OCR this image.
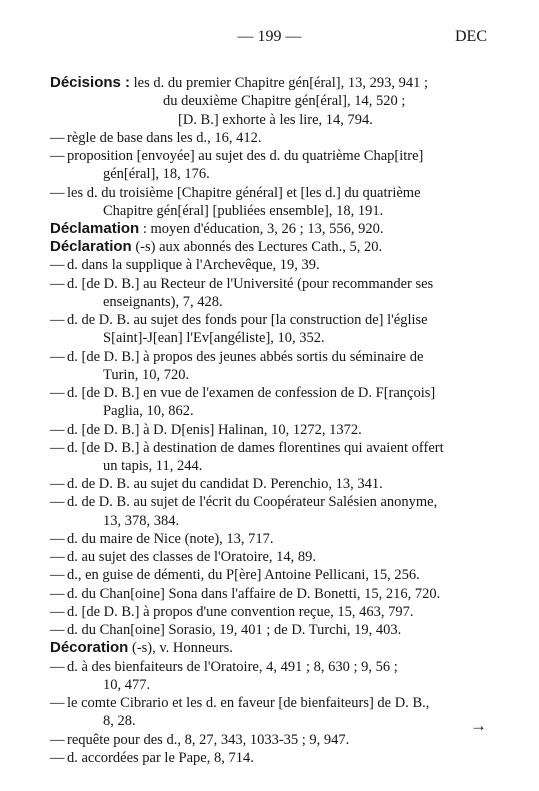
— 199 —	DEC
Décisions : les d. du premier Chapitre gén[éral], 13, 293, 941 ;
du deuxième Chapitre gén[éral], 14, 520 ;
[D. B.] exhorte à les lire, 14, 794.
— règle de base dans les d., 16, 412.
— proposition [envoyée] au sujet des d. du quatrième Chap[itre]
gén[éral], 18, 176.
— les d. du troisième [Chapitre général] et [les d.] du quatrième
Chapitre gén[éral] [publiées ensemble], 18, 191.
Déclamation : moyen d'éducation, 3, 26 ; 13, 556, 920.
Déclaration (-s) aux abonnés des Lectures Cath., 5, 20.
— d. dans la supplique à l'Archevêque, 19, 39.
— d. [de D. B.] au Recteur de l'Université (pour recommander ses
enseignants), 7, 428.
— d. de D. B. au sujet des fonds pour [la construction de] l'église
S[aint]-J[ean] l'Ev[angéliste], 10, 352.
— d. [de D. B.] à propos des jeunes abbés sortis du séminaire de
Turin, 10, 720.
— d. [de D. B.] en vue de l'examen de confession de D. F[rançois]
Paglia, 10, 862.
— d. [de D. B.] à D. D[enis] Halinan, 10, 1272, 1372.
— d. [de D. B.] à destination de dames florentines qui avaient offert
un tapis, 11, 244.
— d. de D. B. au sujet du candidat D. Perenchio, 13, 341.
— d. de D. B. au sujet de l'écrit du Coopérateur Salésien anonyme,
13, 378, 384.
— d. du maire de Nice (note), 13, 717.
— d. au sujet des classes de l'Oratoire, 14, 89.
— d., en guise de démenti, du P[ère] Antoine Pellicani, 15, 256.
— d. du Chan[oine] Sona dans l'affaire de D. Bonetti, 15, 216, 720.
— d. [de D. B.] à propos d'une convention reçue, 15, 463, 797.
— d. du Chan[oine] Sorasio, 19, 401 ; de D. Turchi, 19, 403.
Décoration (-s), v. Honneurs.
— d. à des bienfaiteurs de l'Oratoire, 4, 491 ; 8, 630 ; 9, 56 ;
10, 477.
— le comte Cibrario et les d. en faveur [de bienfaiteurs] de D. B.,
8, 28.
— requête pour des d., 8, 27, 343, 1033-35 ; 9, 947.
— d. accordées par le Pape, 8, 714.
→
